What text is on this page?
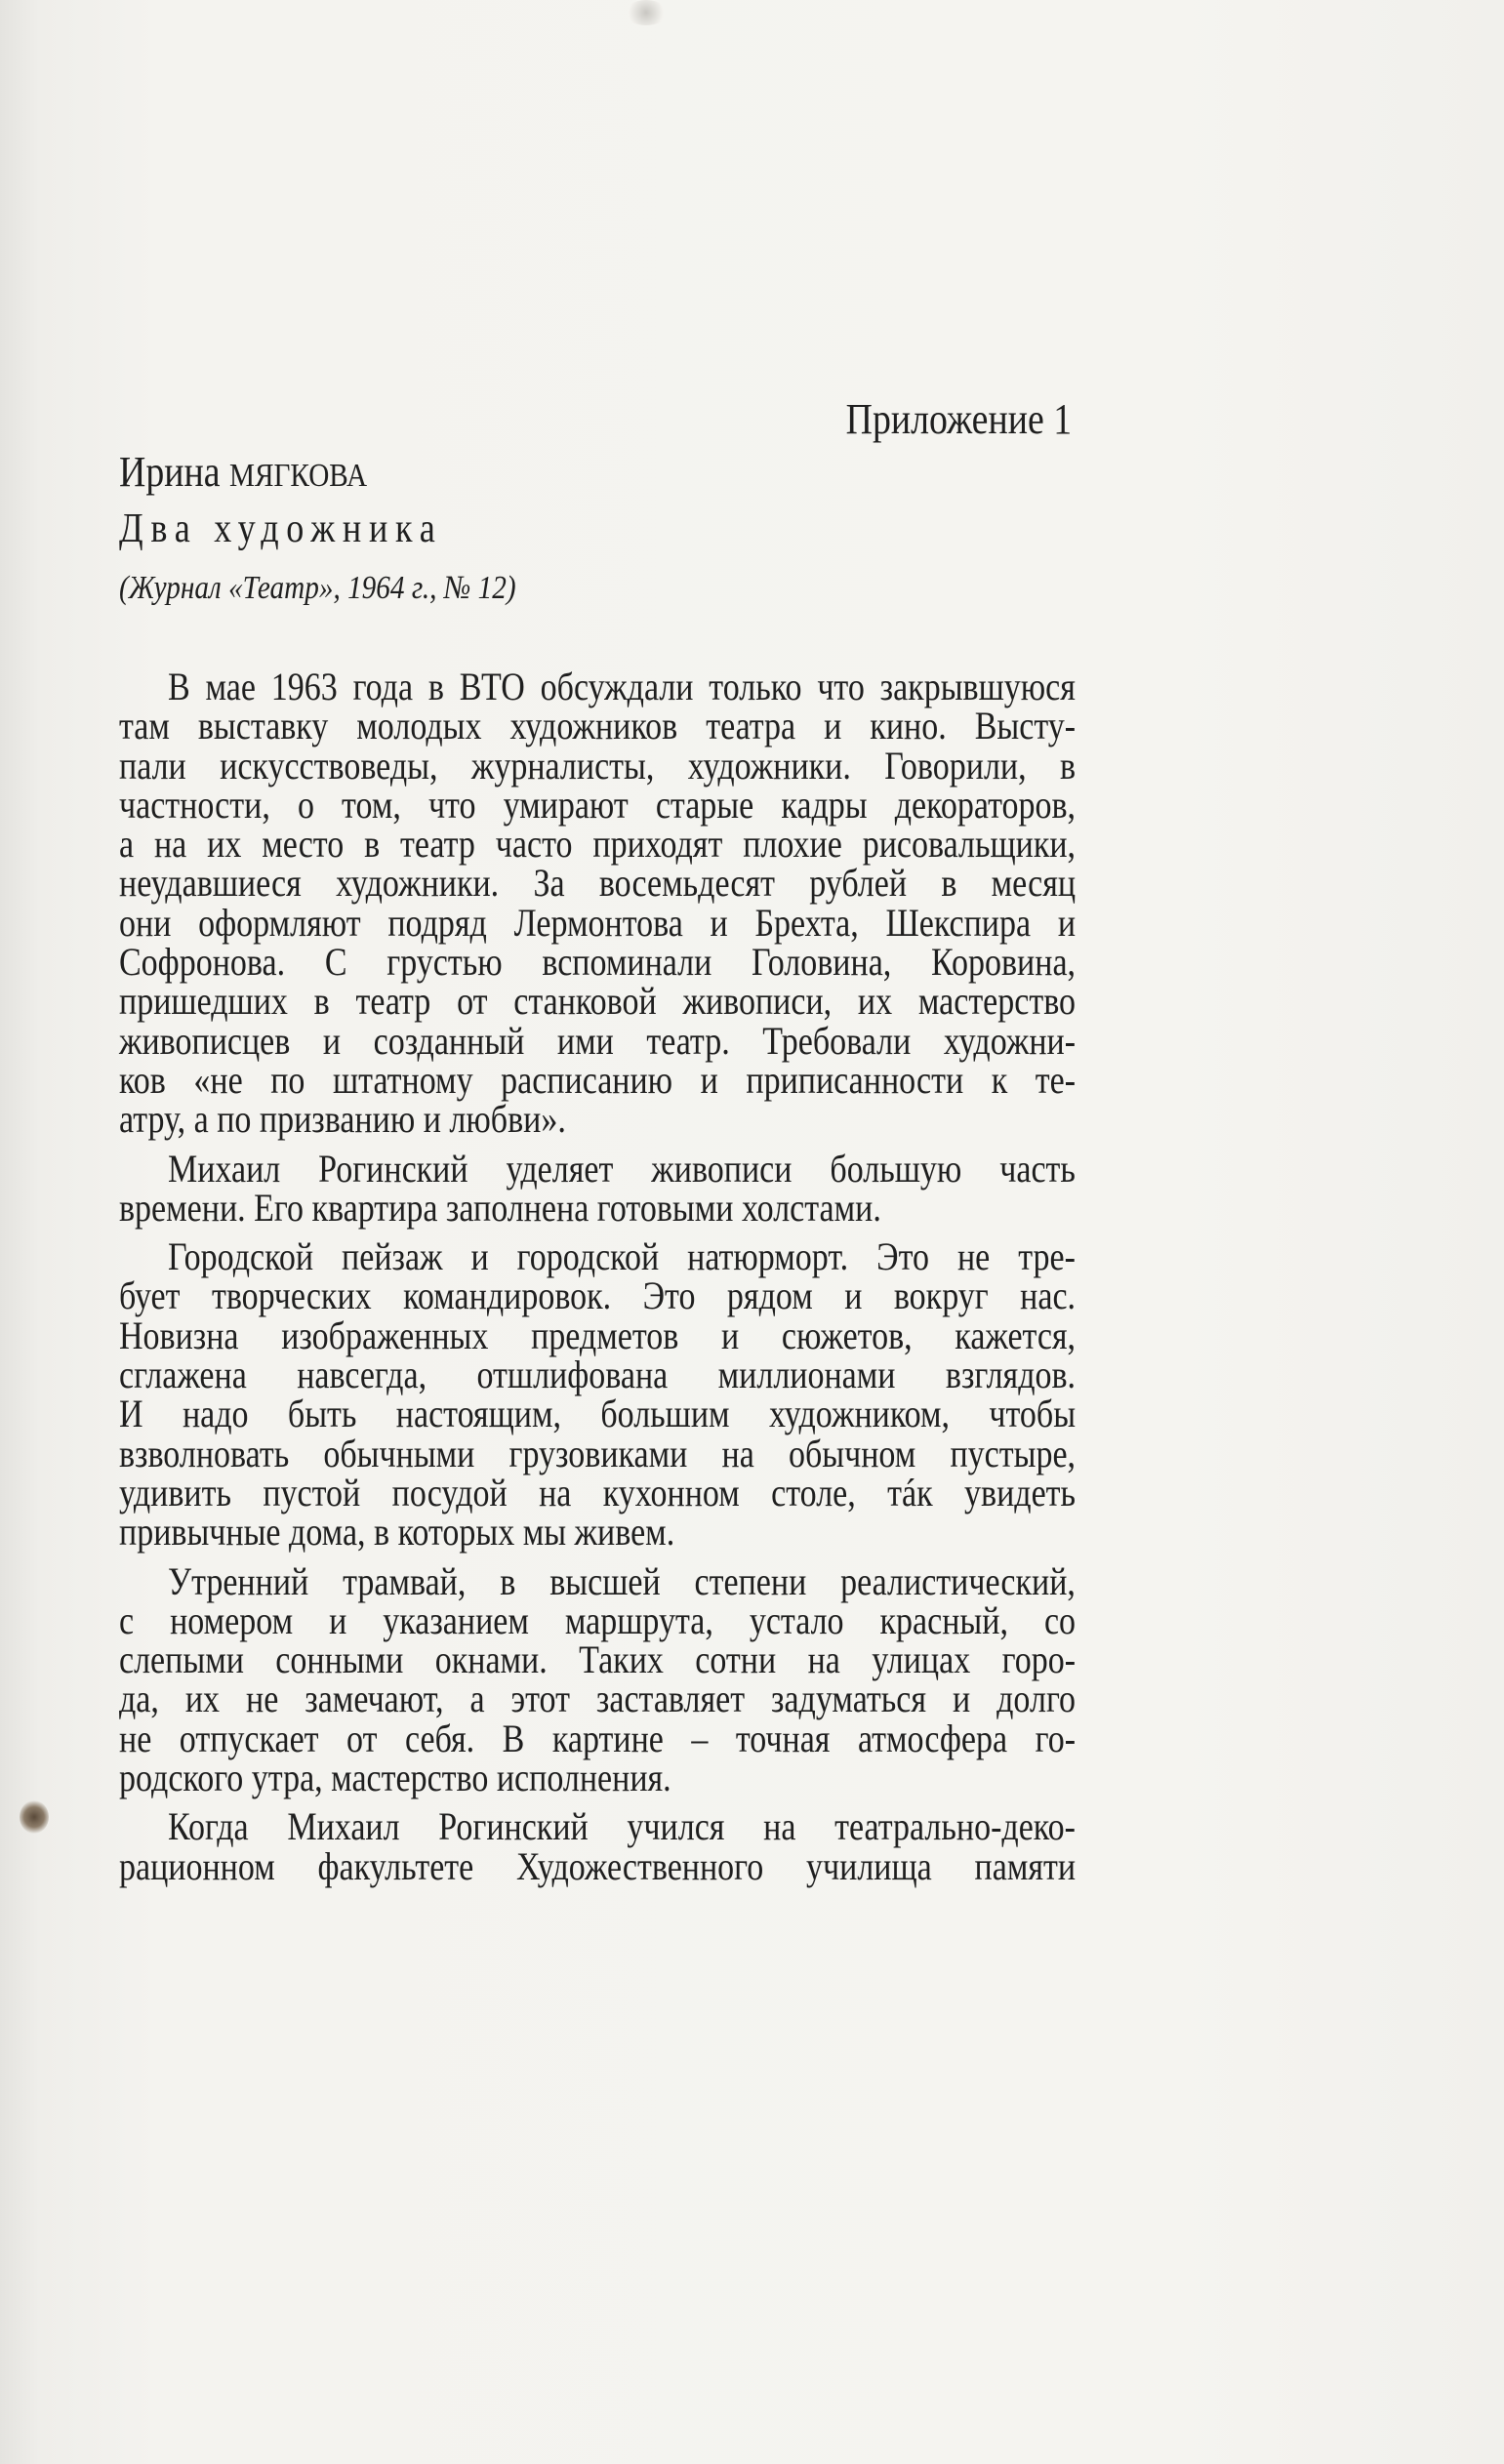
Приложение 1
Ирина МЯГКОВА
Два художника
(Журнал «Театр», 1964 г., № 12)
В мае 1963 года в ВТО обсуждали только что закрывшуюся
там выставку молодых художников театра и кино. Высту-
пали искусствоведы, журналисты, художники. Говорили, в
частности, о том, что умирают старые кадры декораторов,
а на их место в театр часто приходят плохие рисовальщики,
неудавшиеся художники. За восемьдесят рублей в месяц
они оформляют подряд Лермонтова и Брехта, Шекспира и
Софронова. С грустью вспоминали Головина, Коровина,
пришедших в театр от станковой живописи, их мастерство
живописцев и созданный ими театр. Требовали художни-
ков «не по штатному расписанию и приписанности к те-
атру, а по призванию и любви».
Михаил Рогинский уделяет живописи большую часть
времени. Его квартира заполнена готовыми холстами.
Городской пейзаж и городской натюрморт. Это не тре-
бует творческих командировок. Это рядом и вокруг нас.
Новизна изображенных предметов и сюжетов, кажется,
сглажена навсегда, отшлифована миллионами взглядов.
И надо быть настоящим, большим художником, чтобы
взволновать обычными грузовиками на обычном пустыре,
удивить пустой посудой на кухонном столе, тáк увидеть
привычные дома, в которых мы живем.
Утренний трамвай, в высшей степени реалистический,
с номером и указанием маршрута, устало красный, со
слепыми сонными окнами. Таких сотни на улицах горо-
да, их не замечают, а этот заставляет задуматься и долго
не отпускает от себя. В картине – точная атмосфера го-
родского утра, мастерство исполнения.
Когда Михаил Рогинский учился на театрально-деко-
рационном факультете Художественного училища памяти
